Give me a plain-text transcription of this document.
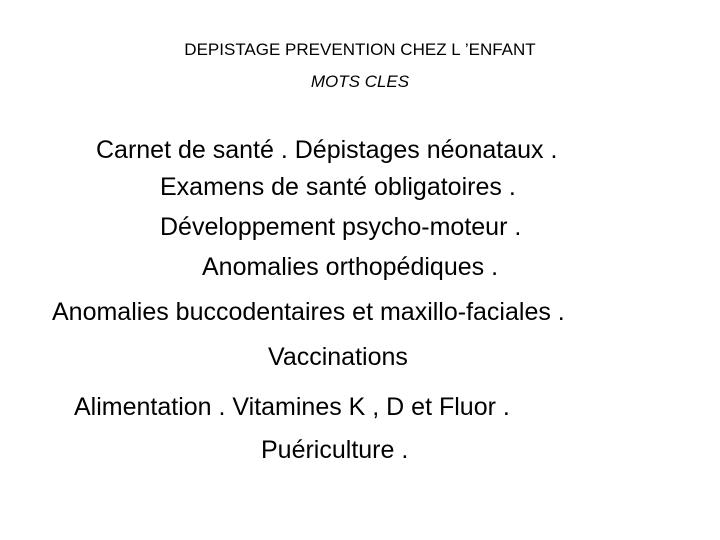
DEPISTAGE PREVENTION CHEZ L ’ENFANT
MOTS CLES
Carnet de santé . Dépistages néonataux .
Examens de santé obligatoires .
Développement psycho-moteur .
Anomalies orthopédiques .
Anomalies buccodentaires et maxillo-faciales .
Vaccinations
Alimentation . Vitamines K , D et Fluor .
Puériculture .
